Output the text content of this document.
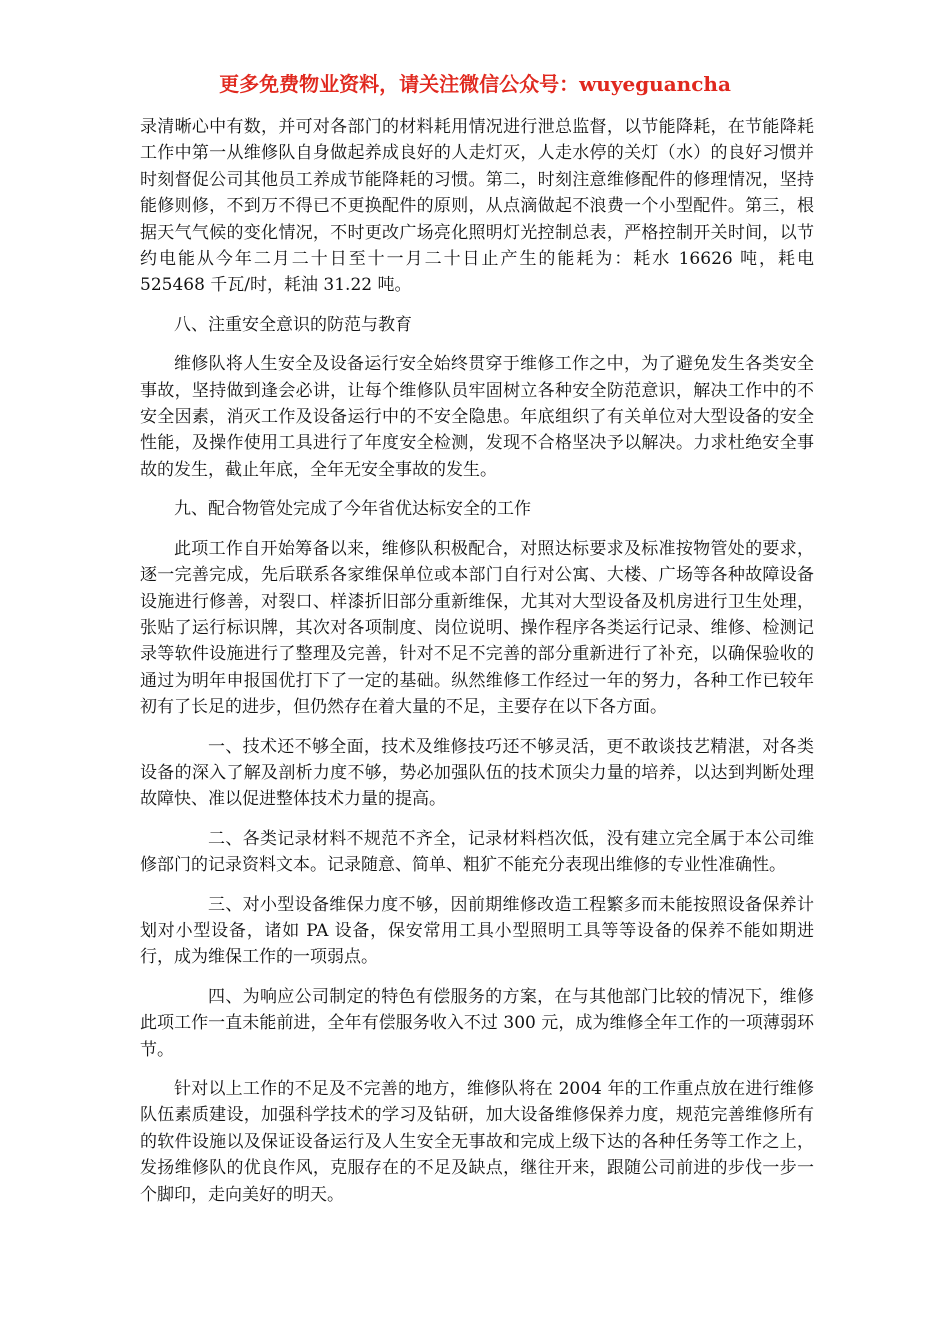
更多免费物业资料，请关注微信公众号：wuyeguancha

录清晰心中有数，并可对各部门的材料耗用情况进行泄总监督，以节能降耗，在节能降耗工作中第一从维修队自身做起养成良好的人走灯灭，人走水停的关灯（水）的良好习惯并时刻督促公司其他员工养成节能降耗的习惯。第二，时刻注意维修配件的修理情况，坚持能修则修，不到万不得已不更换配件的原则，从点滴做起不浪费一个小型配件。第三，根据天气气候的变化情况，不时更改广场亮化照明灯光控制总表，严格控制开关时间，以节约电能从今年二月二十日至十一月二十日止产生的能耗为：耗水 16626 吨，耗电 525468 千瓦/时，耗油 31.22 吨。

八、注重安全意识的防范与教育

维修队将人生安全及设备运行安全始终贯穿于维修工作之中，为了避免发生各类安全事故，坚持做到逢会必讲，让每个维修队员牢固树立各种安全防范意识，解决工作中的不安全因素，消灭工作及设备运行中的不安全隐患。年底组织了有关单位对大型设备的安全性能，及操作使用工具进行了年度安全检测，发现不合格坚决予以解决。力求杜绝安全事故的发生，截止年底，全年无安全事故的发生。

九、配合物管处完成了今年省优达标安全的工作

此项工作自开始筹备以来，维修队积极配合，对照达标要求及标准按物管处的要求，逐一完善完成，先后联系各家维保单位或本部门自行对公寓、大楼、广场等各种故障设备设施进行修善，对裂口、样漆折旧部分重新维保，尤其对大型设备及机房进行卫生处理，张贴了运行标识牌，其次对各项制度、岗位说明、操作程序各类运行记录、维修、检测记录等软件设施进行了整理及完善，针对不足不完善的部分重新进行了补充，以确保验收的通过为明年申报国优打下了一定的基础。纵然维修工作经过一年的努力，各种工作已较年初有了长足的进步，但仍然存在着大量的不足，主要存在以下各方面。

一、技术还不够全面，技术及维修技巧还不够灵活，更不敢谈技艺精湛，对各类设备的深入了解及剖析力度不够，势必加强队伍的技术顶尖力量的培养，以达到判断处理故障快、准以促进整体技术力量的提高。

二、各类记录材料不规范不齐全，记录材料档次低，没有建立完全属于本公司维修部门的记录资料文本。记录随意、简单、粗犷不能充分表现出维修的专业性准确性。

三、对小型设备维保力度不够，因前期维修改造工程繁多而未能按照设备保养计划对小型设备，诸如 PA 设备，保安常用工具小型照明工具等等设备的保养不能如期进行，成为维保工作的一项弱点。

四、为响应公司制定的特色有偿服务的方案，在与其他部门比较的情况下，维修此项工作一直未能前进，全年有偿服务收入不过 300 元，成为维修全年工作的一项薄弱环节。

针对以上工作的不足及不完善的地方，维修队将在 2004 年的工作重点放在进行维修队伍素质建设，加强科学技术的学习及钻研，加大设备维修保养力度，规范完善维修所有的软件设施以及保证设备运行及人生安全无事故和完成上级下达的各种任务等工作之上，发扬维修队的优良作风，克服存在的不足及缺点，继往开来，跟随公司前进的步伐一步一个脚印，走向美好的明天。
